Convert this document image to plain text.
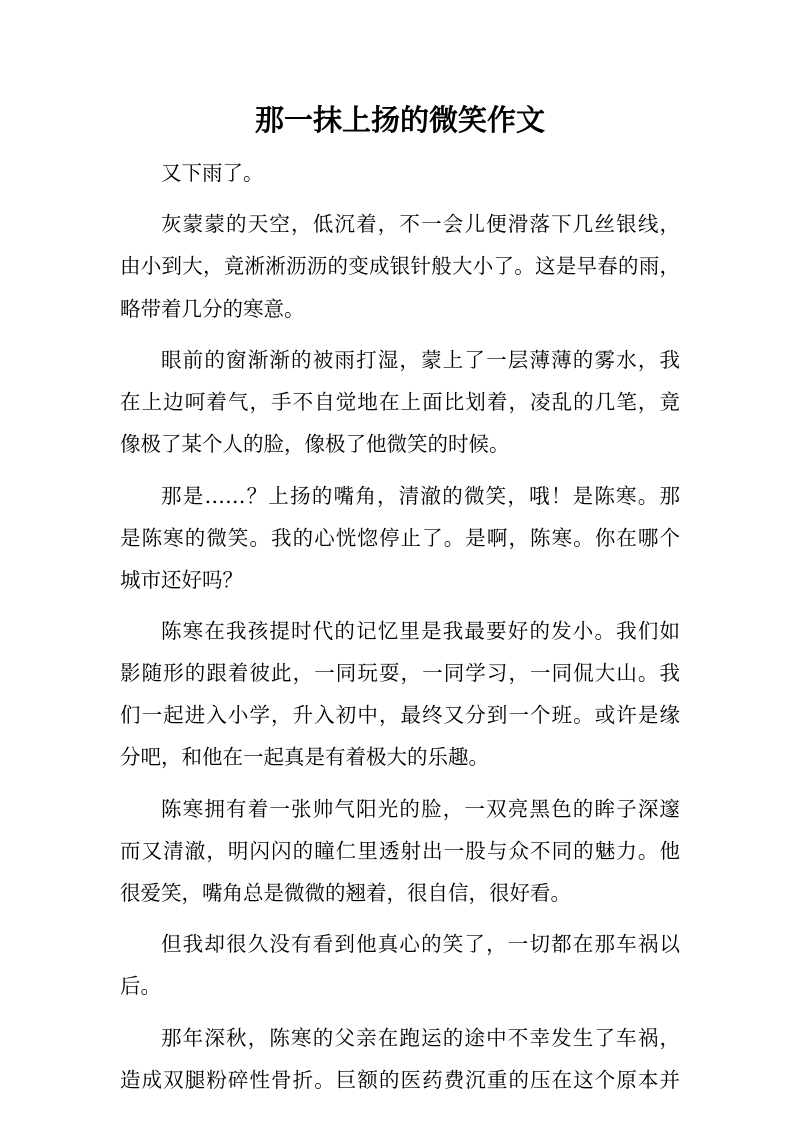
那一抹上扬的微笑作文
又下雨了。
灰蒙蒙的天空，低沉着，不一会儿便滑落下几丝银线，
由小到大，竟淅淅沥沥的变成银针般大小了。这是早春的雨，
略带着几分的寒意。
眼前的窗渐渐的被雨打湿，蒙上了一层薄薄的雾水，我
在上边呵着气，手不自觉地在上面比划着，凌乱的几笔，竟
像极了某个人的脸，像极了他微笑的时候。
那是……？上扬的嘴角，清澈的微笑，哦！是陈寒。那
是陈寒的微笑。我的心恍惚停止了。是啊，陈寒。你在哪个
城市还好吗？
陈寒在我孩提时代的记忆里是我最要好的发小。我们如
影随形的跟着彼此，一同玩耍，一同学习，一同侃大山。我
们一起进入小学，升入初中，最终又分到一个班。或许是缘
分吧，和他在一起真是有着极大的乐趣。
陈寒拥有着一张帅气阳光的脸，一双亮黑色的眸子深邃
而又清澈，明闪闪的瞳仁里透射出一股与众不同的魅力。他
很爱笑，嘴角总是微微的翘着，很自信，很好看。
但我却很久没有看到他真心的笑了，一切都在那车祸以
后。
那年深秋，陈寒的父亲在跑运的途中不幸发生了车祸，
造成双腿粉碎性骨折。巨额的医药费沉重的压在这个原本并
